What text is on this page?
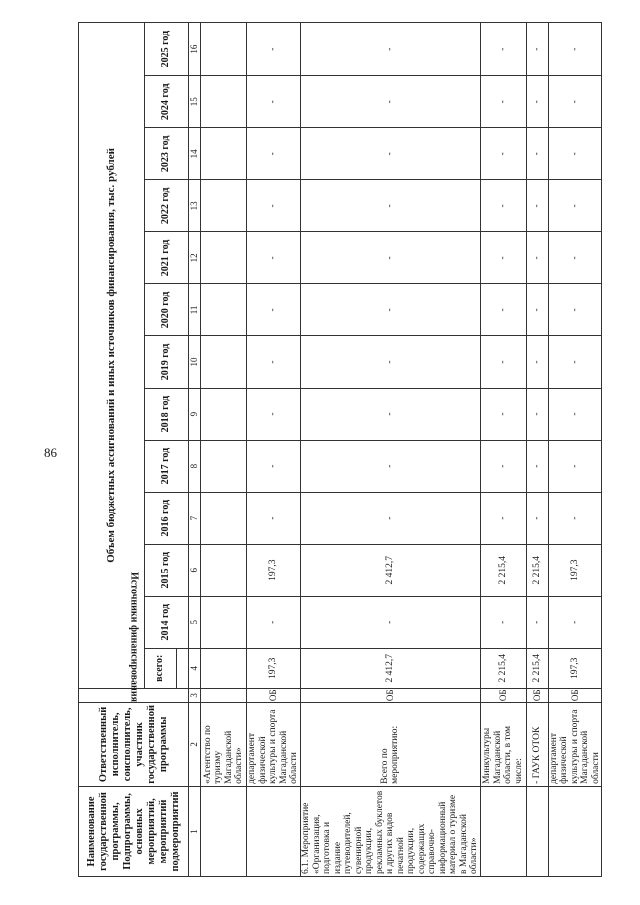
86
Наименование государственной программы, Подпрограммы, основных мероприятий, мероприятий подмероприятий	Ответственный исполнитель, соисполнитель, участник государственной программы	Источники финансирования	Объем бюджетных ассигнований и иных источников финансирования, тыс. рублей												
			всего:	2014 год	2015 год	2016 год	2017 год	2018 год	2019 год	2020 год	2021 год	2022 год	2023 год	2024 год	2025 год

1	2	3	4	5	6	7	8	9	10	11	12	13	14	15	16
	«Агентство по туризму Магаданской области»														
	департамент физической культуры и спорта Магаданской области	ОБ	197,3	-	197,3	-	-	-	-	-	-	-	-	-	-
6.1. Мероприятие «Организация, подготовка и издание путеводителей, сувенирной продукции, рекламных буклетов и других видов печатной продукции, содержащих справочно-информационный материал о туризме в Магаданской области»	Всего по мероприятию:	ОБ	2 412,7	-	2 412,7	-	-	-	-	-	-	-	-	-	-
	Минкультуры Магаданской области, в том числе:	ОБ	2 215,4	-	2 215,4	-	-	-	-	-	-	-	-	-	-
	- ГАУК ОТОК	ОБ	2 215,4	-	2 215,4	-	-	-	-	-	-	-	-	-	-
	департамент физической культуры и спорта Магаданской области	ОБ	197,3	-	197,3	-	-	-	-	-	-	-	-	-	-
